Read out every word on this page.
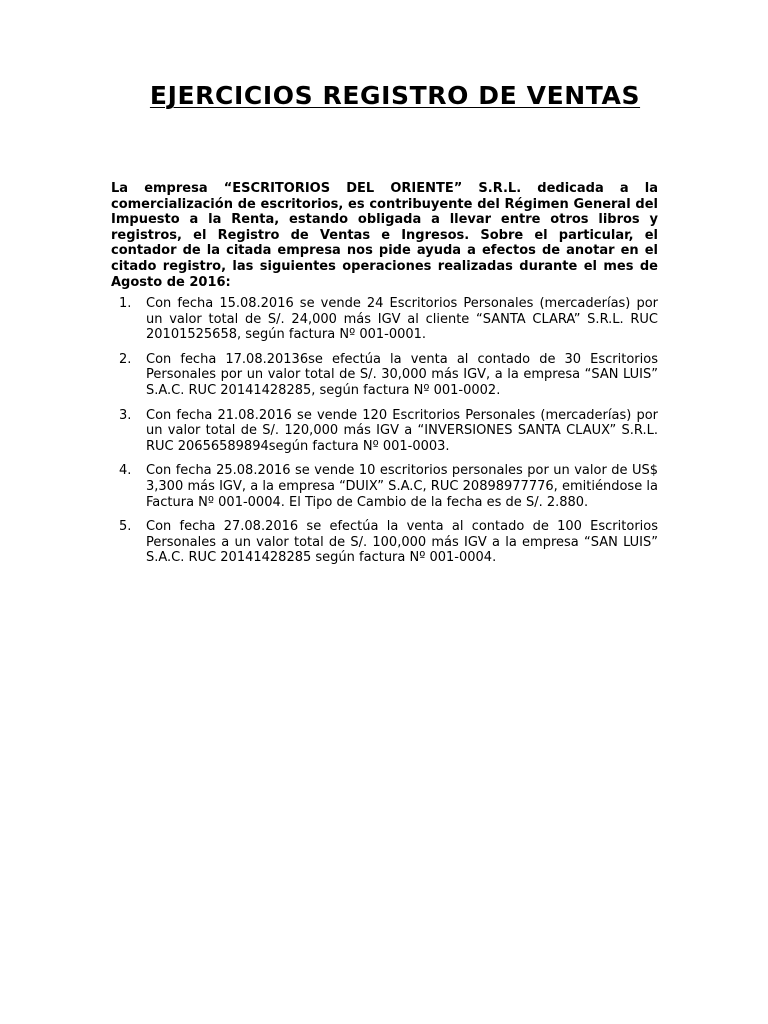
EJERCICIOS REGISTRO DE VENTAS

La empresa “ESCRITORIOS DEL ORIENTE” S.R.L. dedicada a la comercialización de escritorios, es contribuyente del Régimen General del Impuesto a la Renta, estando obligada a llevar entre otros libros y registros, el Registro de Ventas e Ingresos. Sobre el particular, el contador de la citada empresa nos pide ayuda a efectos de anotar en el citado registro, las siguientes operaciones realizadas durante el mes de Agosto de 2016:

1.	Con fecha 15.08.2016 se vende 24 Escritorios Personales (mercaderías) por un valor total de S/. 24,000 más IGV al cliente “SANTA CLARA” S.R.L. RUC 20101525658, según factura Nº 001-0001.
2.	Con fecha 17.08.20136se efectúa la venta al contado de 30 Escritorios Personales por un valor total de S/. 30,000 más IGV, a la empresa “SAN LUIS” S.A.C. RUC 20141428285, según factura Nº 001-0002.
3.	Con fecha 21.08.2016 se vende 120 Escritorios Personales (mercaderías) por un valor total de S/. 120,000 más IGV a “INVERSIONES SANTA CLAUX” S.R.L. RUC 20656589894según factura Nº 001-0003.
4.	Con fecha 25.08.2016 se vende 10 escritorios personales por un valor de US$ 3,300 más IGV, a la empresa “DUIX” S.A.C, RUC 20898977776, emitiéndose la Factura Nº 001-0004. El Tipo de Cambio de la fecha es de S/. 2.880.
5.	Con fecha 27.08.2016 se efectúa la venta al contado de 100 Escritorios Personales a un valor total de S/. 100,000 más IGV a la empresa “SAN LUIS” S.A.C. RUC 20141428285 según factura Nº 001-0004.
